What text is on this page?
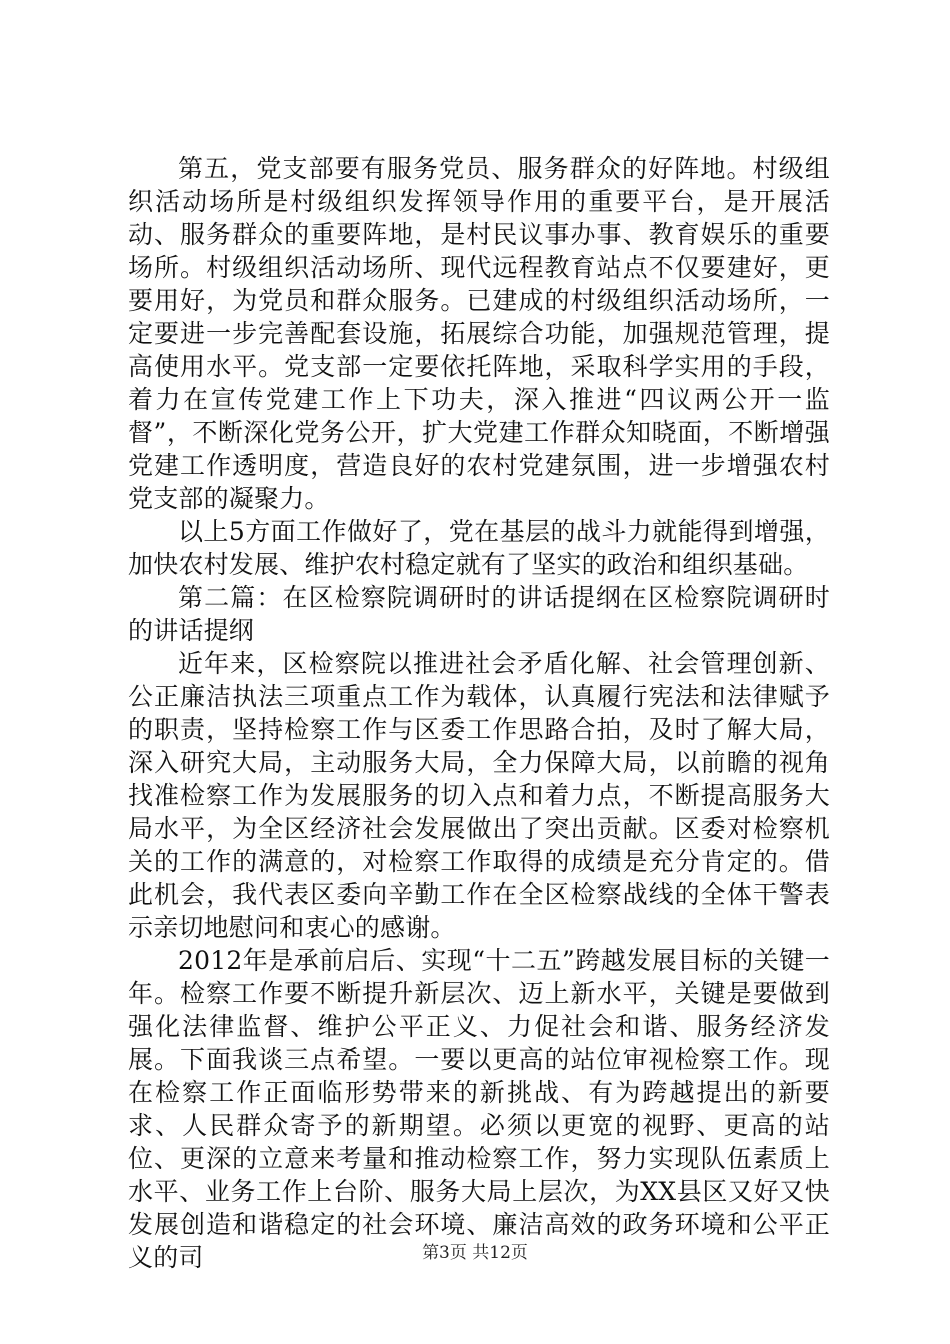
第五，党支部要有服务党员、服务群众的好阵地。村级组织活动场所是村级组织发挥领导作用的重要平台，是开展活动、服务群众的重要阵地，是村民议事办事、教育娱乐的重要场所。村级组织活动场所、现代远程教育站点不仅要建好，更要用好，为党员和群众服务。已建成的村级组织活动场所，一定要进一步完善配套设施，拓展综合功能，加强规范管理，提高使用水平。党支部一定要依托阵地，采取科学实用的手段，着力在宣传党建工作上下功夫，深入推进“四议两公开一监督”，不断深化党务公开，扩大党建工作群众知晓面，不断增强党建工作透明度，营造良好的农村党建氛围，进一步增强农村党支部的凝聚力。

以上5方面工作做好了，党在基层的战斗力就能得到增强，加快农村发展、维护农村稳定就有了坚实的政治和组织基础。

第二篇：在区检察院调研时的讲话提纲在区检察院调研时的讲话提纲

近年来，区检察院以推进社会矛盾化解、社会管理创新、公正廉洁执法三项重点工作为载体，认真履行宪法和法律赋予的职责，坚持检察工作与区委工作思路合拍，及时了解大局，深入研究大局，主动服务大局，全力保障大局，以前瞻的视角找准检察工作为发展服务的切入点和着力点，不断提高服务大局水平，为全区经济社会发展做出了突出贡献。区委对检察机关的工作的满意的，对检察工作取得的成绩是充分肯定的。借此机会，我代表区委向辛勤工作在全区检察战线的全体干警表示亲切地慰问和衷心的感谢。

2012年是承前启后、实现“十二五”跨越发展目标的关键一年。检察工作要不断提升新层次、迈上新水平，关键是要做到强化法律监督、维护公平正义、力促社会和谐、服务经济发展。下面我谈三点希望。一要以更高的站位审视检察工作。现在检察工作正面临形势带来的新挑战、有为跨越提出的新要求、人民群众寄予的新期望。必须以更宽的视野、更高的站位、更深的立意来考量和推动检察工作，努力实现队伍素质上水平、业务工作上台阶、服务大局上层次，为XX县区又好又快发展创造和谐稳定的社会环境、廉洁高效的政务环境和公平正义的司	第3页 共12页
